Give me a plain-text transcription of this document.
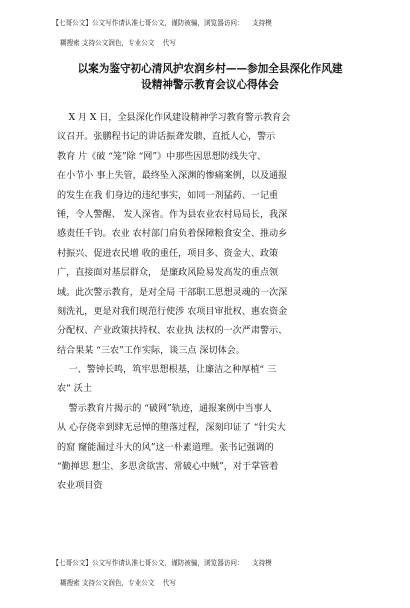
【七哥公文】公文写作请认准七哥公文，谨防被骗，浏览器访问：    支持模

糊搜索 支持公文润色，专业公文    代写

以案为鉴守初心清风护农润乡村——参加全县深化作风建
设精神警示教育会议心得体会
X 月 X 日，全县深化作风建设精神学习教育警示教育会
议召开。张鹏程书记的讲话振聋发聩、直抵人心，警示
教育 片《破 “笼”除 “网”》中那些因思想防线失守、
在小节小 事上失管，最终坠入深渊的惨痛案例，以及通报
的发生在我 们身边的违纪事实，如同一剂猛药、一记重
锤，令人警醒、 发人深省。作为县农业农村局局长，我深
感责任千钧。农业 农村部门肩负着保障粮食安全、推动乡
村振兴、促进农民增 收的重任，项目多、资金大、政策
广，直接面对基层群众， 是廉政风险易发高发的重点领
域。此次警示教育，是对全局 干部职工思想灵魂的一次深
刻洗礼，更是对我们规范行使涉 农项目审批权、惠农资金
分配权、产业政策扶持权、农业执 法权的一次严肃警示、
结合果某 “三农”工作实际，谈三点 深切体会。
一、警钟长鸣，筑牢思想根基，让廉洁之种厚植“ 三
农” 沃土
警示教育片揭示的 “破网”轨迹，通报案例中当事人
从 心存侥幸到肆无忌惮的堕落过程，深刻印证了 “针尖大
的窟 窿能漏过斗大的风”这一朴素道理。张书记强调的
“勤掸思 想尘、多思贪欲害、常破心中贼”，对于掌管着
农业项目资

【七哥公文】公文写作请认准七哥公文，谨防被骗，浏览器访问：    支持模

糊搜索 支持公文润色，专业公文    代写
